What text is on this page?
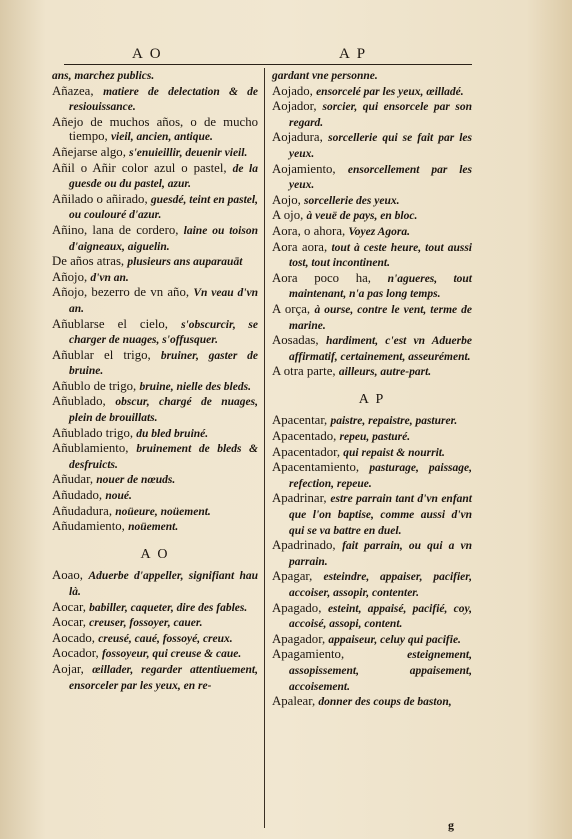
A O	A P

ans, marchez publics.

Añazea, matiere de delectation & de resiouissance.

Añejo de muchos años, o de mucho tiempo, vieil, ancien, antique.

Añejarse algo, s'enuieillir, deuenir vieil.

Añil o Añir color azul o pastel, de la guesde ou du pastel, azur.

Añilado o añirado, guesdé, teint en pastel, ou coulouré d'azur.

Añino, lana de cordero, laine ou toison d'aigneaux, aiguelin.

De años atras, plusieurs ans auparauāt

Añojo, d'vn an.

Añojo, bezerro de vn año, Vn veau d'vn an.

Añublarse el cielo, s'obscurcir, se charger de nuages, s'offusquer.

Añublar el trigo, bruiner, gaster de bruine.

Añublo de trigo, bruine, nielle des bleds.

Añublado, obscur, chargé de nuages, plein de brouillats.

Añublado trigo, du bled bruiné.

Añublamiento, bruinement de bleds & desfruicts.

Añudar, nouer de nœuds.

Añudado, noué.

Añudadura, noüeure, noüement.

Añudamiento, noüement.

A O

Aoao, Aduerbe d'appeller, signifiant hau là.

Aocar, babiller, caqueter, dire des fables.

Aocar, creuser, fossoyer, cauer.

Aocado, creusé, caué, fossoyé, creux.

Aocador, fossoyeur, qui creuse & caue.

Aojar, œillader, regarder attentiuement, ensorceler par les yeux, en re-

gardant vne personne.

Aojado, ensorcelé par les yeux, œilladé.

Aojador, sorcier, qui ensorcele par son regard.

Aojadura, sorcellerie qui se fait par les yeux.

Aojamiento, ensorcellement par les yeux.

Aojo, sorcellerie des yeux.

A ojo, à veuë de pays, en bloc.

Aora, o ahora, Voyez Agora.

Aora aora, tout à ceste heure, tout aussi tost, tout incontinent.

Aora poco ha, n'agueres, tout maintenant, n'a pas long temps.

A orça, à ourse, contre le vent, terme de marine.

Aosadas, hardiment, c'est vn Aduerbe affirmatif, certainement, asseurément.

A otra parte, ailleurs, autre-part.

A P

Apacentar, paistre, repaistre, pasturer.

Apacentado, repeu, pasturé.

Apacentador, qui repaist & nourrit.

Apacentamiento, pasturage, paissage, refection, repeue.

Apadrinar, estre parrain tant d'vn enfant que l'on baptise, comme aussi d'vn qui se va battre en duel.

Apadrinado, fait parrain, ou qui a vn parrain.

Apagar, esteindre, appaiser, pacifier, accoiser, assopir, contenter.

Apagado, esteint, appaisé, pacifié, coy, accoisé, assopi, content.

Apagador, appaiseur, celuy qui pacifie.

Apagamiento,	esteignement, assopissement, appaisement, accoisement.

Apalear, donner des coups de baston,

g
